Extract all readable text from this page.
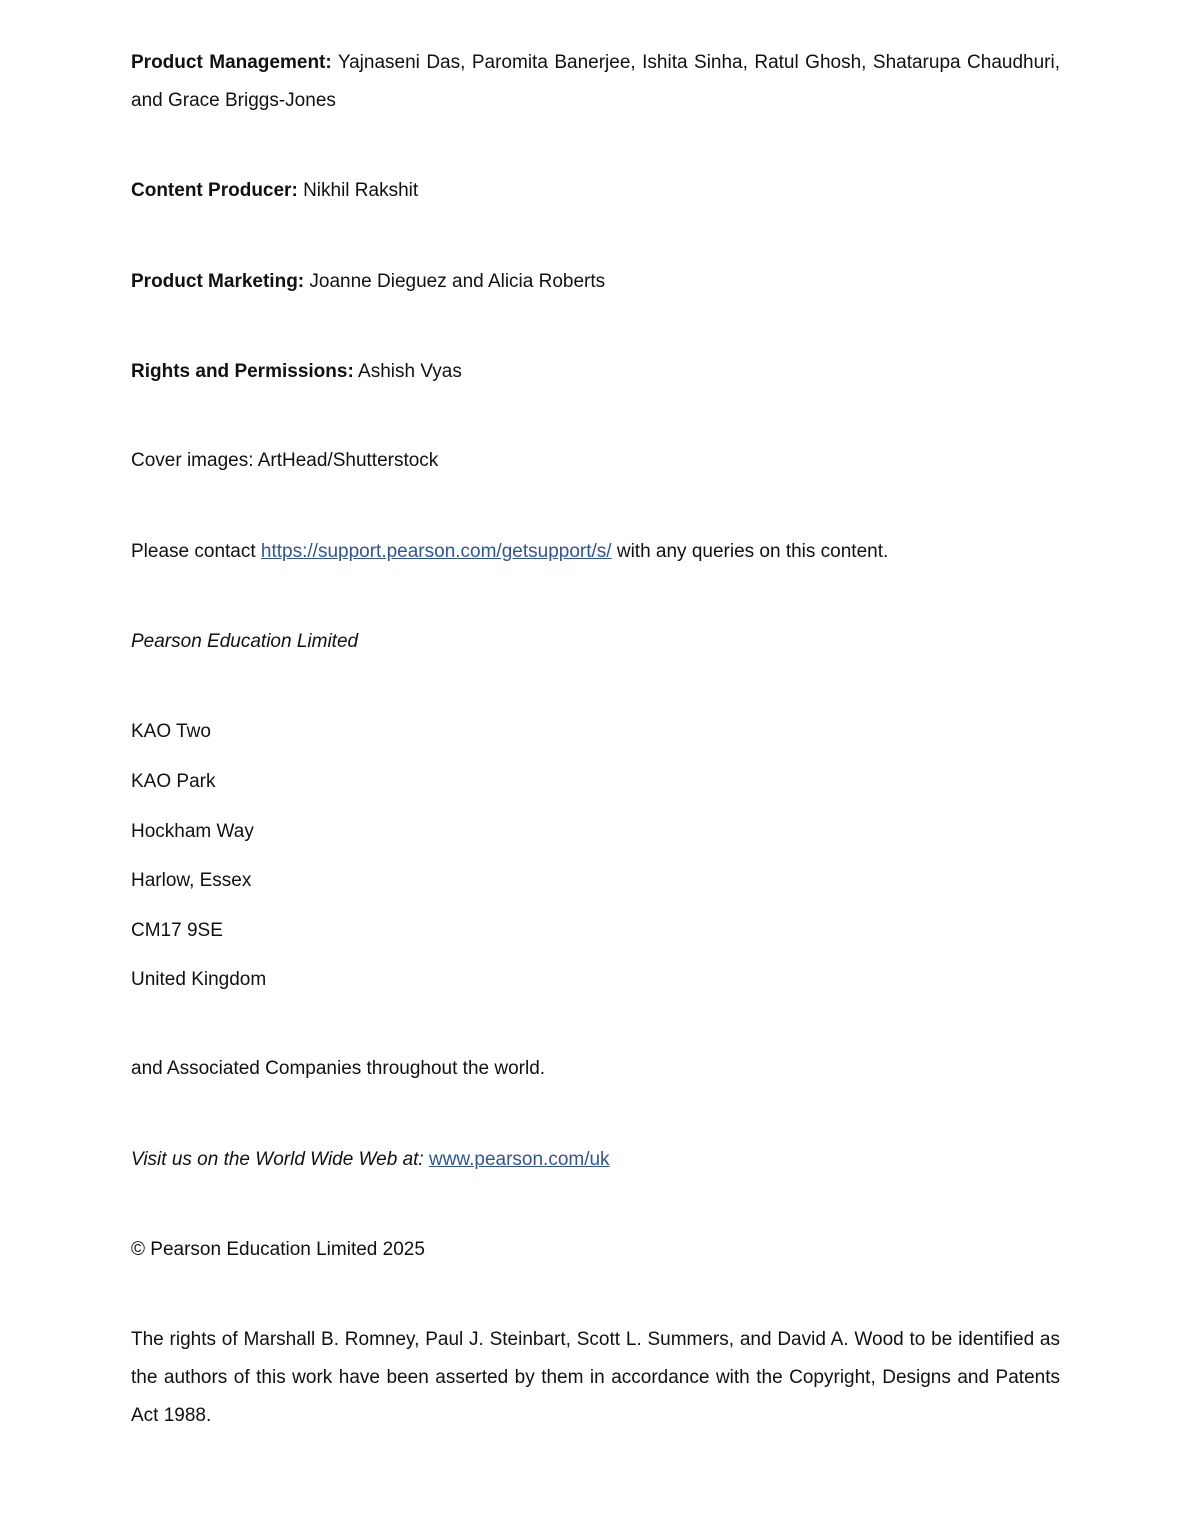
Product Management: Yajnaseni Das, Paromita Banerjee, Ishita Sinha, Ratul Ghosh, Shatarupa Chaudhuri,
and Grace Briggs-Jones
Content Producer: Nikhil Rakshit
Product Marketing: Joanne Dieguez and Alicia Roberts
Rights and Permissions: Ashish Vyas
Cover images: ArtHead/Shutterstock
Please contact https://support.pearson.com/getsupport/s/ with any queries on this content.
Pearson Education Limited
KAO Two
KAO Park
Hockham Way
Harlow, Essex
CM17 9SE
United Kingdom
and Associated Companies throughout the world.
Visit us on the World Wide Web at: www.pearson.com/uk
© Pearson Education Limited 2025
The rights of Marshall B. Romney, Paul J. Steinbart, Scott L. Summers, and David A. Wood to be identified as
the authors of this work have been asserted by them in accordance with the Copyright, Designs and Patents
Act 1988.
